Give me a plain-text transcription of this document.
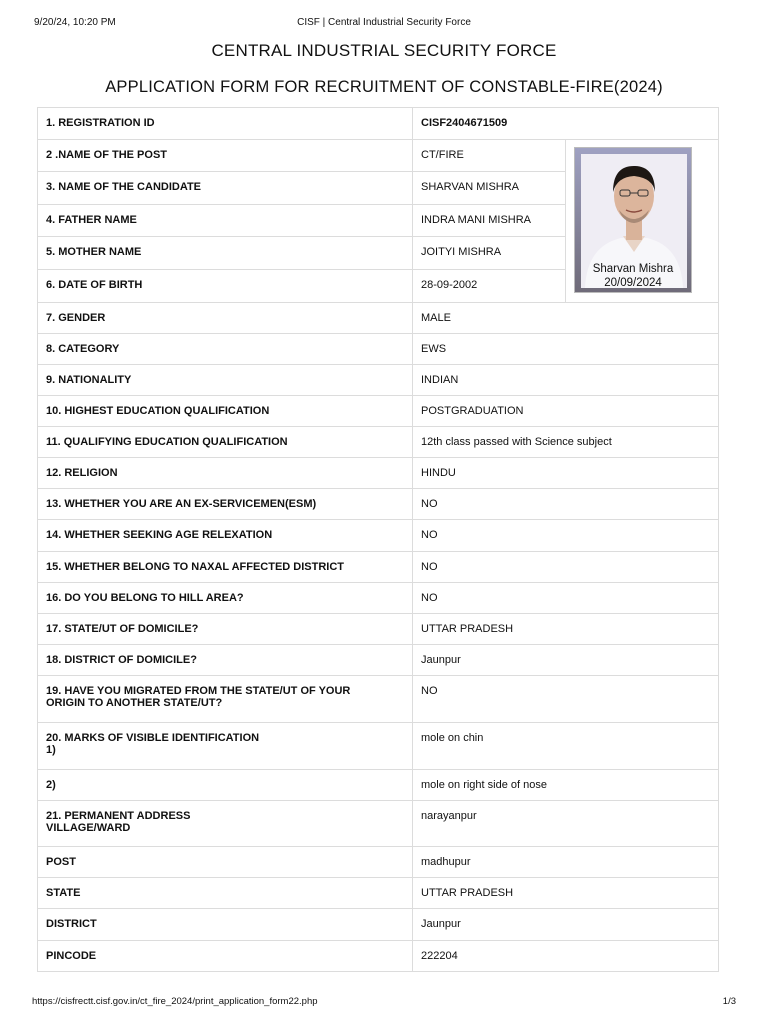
9/20/24, 10:20 PM	CISF | Central Industrial Security Force
CENTRAL INDUSTRIAL SECURITY FORCE
APPLICATION FORM FOR RECRUITMENT OF CONSTABLE-FIRE(2024)
1. REGISTRATION ID	CISF2404671509	
2 .NAME OF THE POST	CT/FIRE	Sharvan Mishra
20/09/2024

3. NAME OF THE CANDIDATE	SHARVAN MISHRA	
4. FATHER NAME	INDRA MANI MISHRA	
5. MOTHER NAME	JOITYI MISHRA	
6. DATE OF BIRTH	28-09-2002	
7. GENDER	MALE	
8. CATEGORY	EWS	
9. NATIONALITY	INDIAN	
10. HIGHEST EDUCATION QUALIFICATION	POSTGRADUATION	
11. QUALIFYING EDUCATION QUALIFICATION	12th class passed with Science subject	
12. RELIGION	HINDU	
13. WHETHER YOU ARE AN EX-SERVICEMEN(ESM)	NO	
14. WHETHER SEEKING AGE RELEXATION	NO	
15. WHETHER BELONG TO NAXAL AFFECTED DISTRICT	NO	
16. DO YOU BELONG TO HILL AREA?	NO	
17. STATE/UT OF DOMICILE?	UTTAR PRADESH	
18. DISTRICT OF DOMICILE?	Jaunpur	

19. HAVE YOU MIGRATED FROM THE STATE/UT OF YOUR
ORIGIN TO ANOTHER STATE/UT?	NO	

20. MARKS OF VISIBLE IDENTIFICATION
1)	mole on chin	
2)	mole on right side of nose	

21. PERMANENT ADDRESS
VILLAGE/WARD	narayanpur	
POST	madhupur	
STATE	UTTAR PRADESH	
DISTRICT	Jaunpur	
PINCODE	222204	
https://cisfrectt.cisf.gov.in/ct_fire_2024/print_application_form22.php	1/3
